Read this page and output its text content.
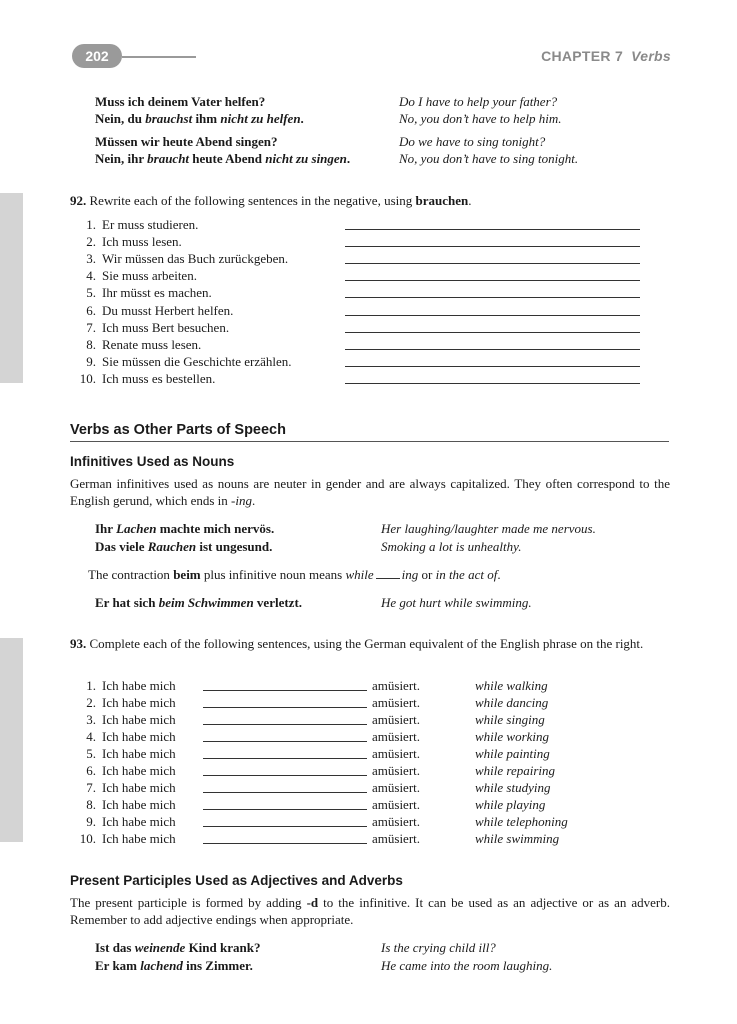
202	CHAPTER 7 Verbs
Muss ich deinem Vater helfen?	Do I have to help your father?
Nein, du brauchst ihm nicht zu helfen.	No, you don’t have to help him.
Müssen wir heute Abend singen?	Do we have to sing tonight?
Nein, ihr braucht heute Abend nicht zu singen.	No, you don’t have to sing tonight.
92. Rewrite each of the following sentences in the negative, using brauchen.
1. Er muss studieren.
2. Ich muss lesen.
3. Wir müssen das Buch zurückgeben.
4. Sie muss arbeiten.
5. Ihr müsst es machen.
6. Du musst Herbert helfen.
7. Ich muss Bert besuchen.
8. Renate muss lesen.
9. Sie müssen die Geschichte erzählen.
10. Ich muss es bestellen.
Verbs as Other Parts of Speech
Infinitives Used as Nouns
German infinitives used as nouns are neuter in gender and are always capitalized. They often correspond to the English gerund, which ends in -ing.
Ihr Lachen machte mich nervös.	Her laughing/laughter made me nervous.
Das viele Rauchen ist ungesund.	Smoking a lot is unhealthy.
The contraction beim plus infinitive noun means while ing or in the act of.
Er hat sich beim Schwimmen verletzt.	He got hurt while swimming.
93. Complete each of the following sentences, using the German equivalent of the English phrase on the right.
1. Ich habe mich	amüsiert.	while walking
2. Ich habe mich	amüsiert.	while dancing
3. Ich habe mich	amüsiert.	while singing
4. Ich habe mich	amüsiert.	while working
5. Ich habe mich	amüsiert.	while painting
6. Ich habe mich	amüsiert.	while repairing
7. Ich habe mich	amüsiert.	while studying
8. Ich habe mich	amüsiert.	while playing
9. Ich habe mich	amüsiert.	while telephoning
10. Ich habe mich	amüsiert.	while swimming
Present Participles Used as Adjectives and Adverbs
The present participle is formed by adding -d to the infinitive. It can be used as an adjective or as an adverb. Remember to add adjective endings when appropriate.
Ist das weinende Kind krank?	Is the crying child ill?
Er kam lachend ins Zimmer.	He came into the room laughing.
